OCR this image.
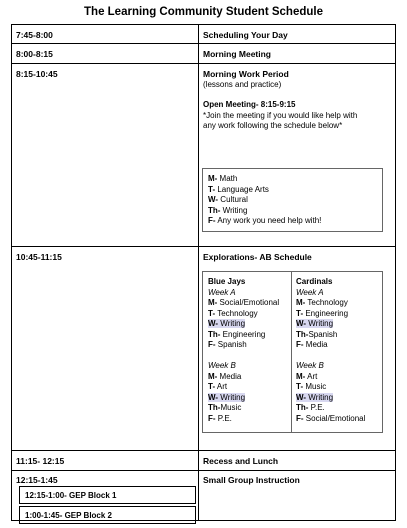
The Learning Community Student Schedule
7:45-8:00	Scheduling Your Day
8:00-8:15	Morning Meeting
8:15-10:45	Morning Work Period
(lessons and practice)
Open Meeting- 8:15-9:15
*Join the meeting if you would like help with
any work following the schedule below*
M- Math
T- Language Arts
W- Cultural
Th- Writing
F- Any work you need help with!
10:45-11:15	Explorations- AB Schedule
Blue Jays
Week A
M- Social/Emotional
T- Technology
W- Writing
Th- Engineering
F- Spanish
Week B
M- Media
T- Art
W- Writing
Th-Music
F- P.E.
Cardinals
Week A
M- Technology
T- Engineering
W- Writing
Th-Spanish
F- Media
Week B
M- Art
T- Music
W- Writing
Th- P.E.
F- Social/Emotional
11:15- 12:15	Recess and Lunch
12:15-1:45	Small Group Instruction
12:15-1:00- GEP Block 1
1:00-1:45- GEP Block 2
